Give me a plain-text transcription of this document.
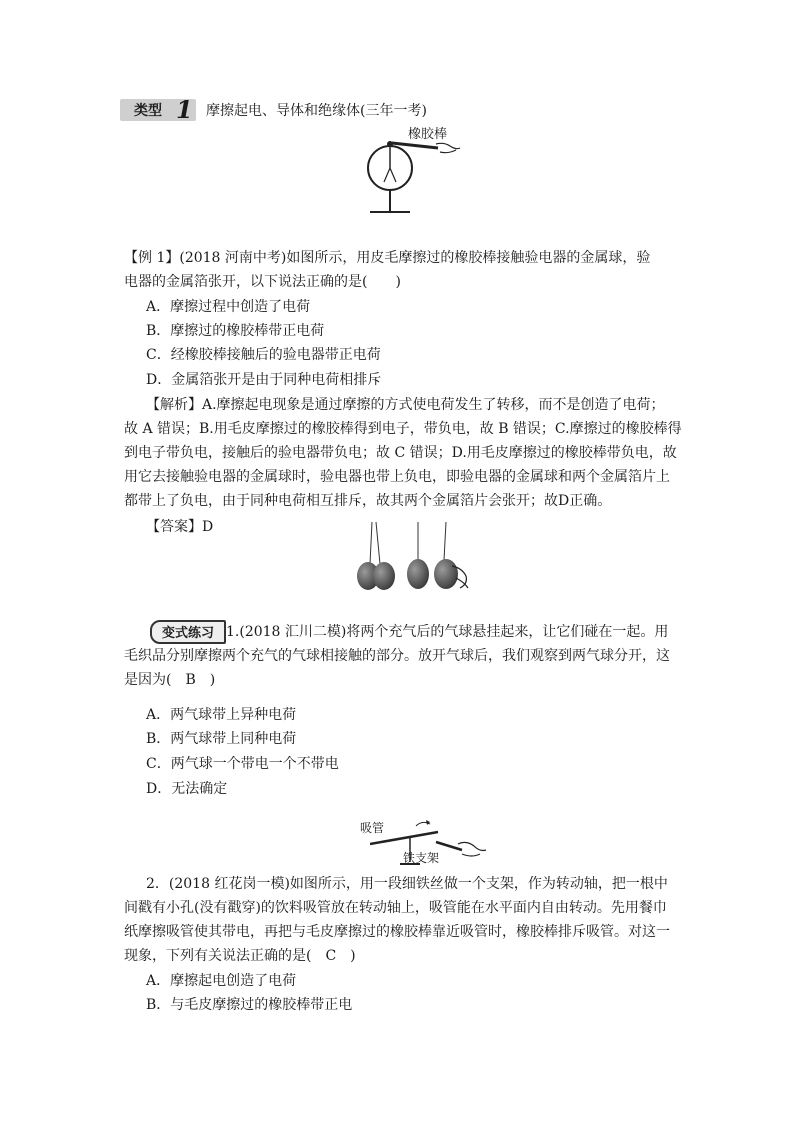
类型 1 摩擦起电、导体和绝缘体(三年一考)
橡胶棒
【例 1】(2018 河南中考)如图所示，用皮毛摩擦过的橡胶棒接触验电器的金属球，验
电器的金属箔张开，以下说法正确的是(　　)
A．摩擦过程中创造了电荷
B．摩擦过的橡胶棒带正电荷
C．经橡胶棒接触后的验电器带正电荷
D．金属箔张开是由于同种电荷相排斥
【解析】A.摩擦起电现象是通过摩擦的方式使电荷发生了转移，而不是创造了电荷；
故 A 错误；B.用毛皮摩擦过的橡胶棒得到电子，带负电，故 B 错误；C.摩擦过的橡胶棒得
到电子带负电，接触后的验电器带负电；故 C 错误；D.用毛皮摩擦过的橡胶棒带负电，故
用它去接触验电器的金属球时，验电器也带上负电，即验电器的金属球和两个金属箔片上
都带上了负电，由于同种电荷相互排斥，故其两个金属箔片会张开；故D正确。
【答案】D
变式练习 1.(2018 汇川二模)将两个充气后的气球悬挂起来，让它们碰在一起。用
毛织品分别摩擦两个充气的气球相接触的部分。放开气球后，我们观察到两气球分开，这
是因为(　B　)
A．两气球带上异种电荷
B．两气球带上同种电荷
C．两气球一个带电一个不带电
D．无法确定
吸管
铁支架
2．(2018 红花岗一模)如图所示，用一段细铁丝做一个支架，作为转动轴，把一根中
间戳有小孔(没有戳穿)的饮料吸管放在转动轴上，吸管能在水平面内自由转动。先用餐巾
纸摩擦吸管使其带电，再把与毛皮摩擦过的橡胶棒靠近吸管时，橡胶棒排斥吸管。对这一
现象，下列有关说法正确的是(　C　)
A．摩擦起电创造了电荷
B．与毛皮摩擦过的橡胶棒带正电
